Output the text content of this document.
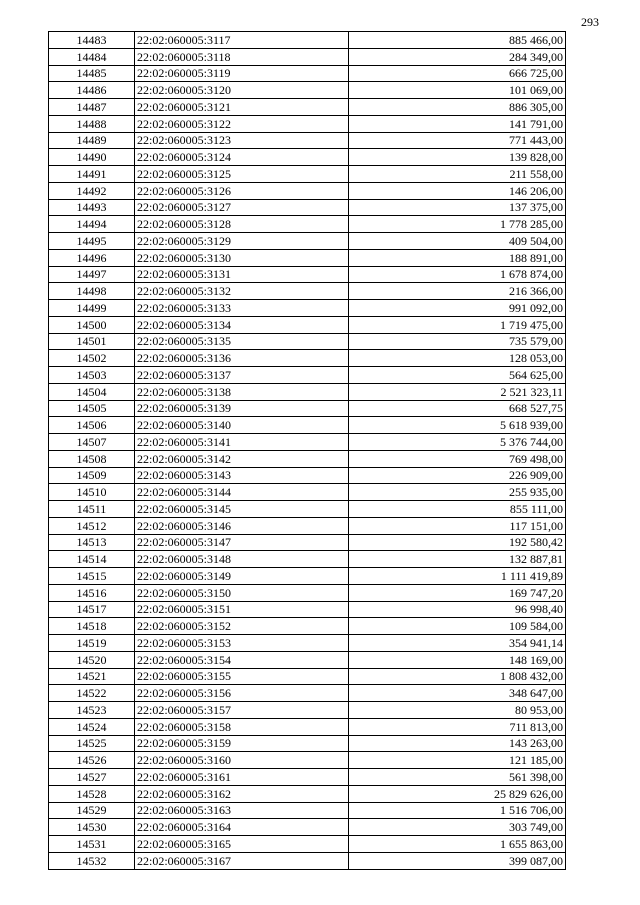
293
14483	22:02:060005:3117	885 466,00
14484	22:02:060005:3118	284 349,00
14485	22:02:060005:3119	666 725,00
14486	22:02:060005:3120	101 069,00
14487	22:02:060005:3121	886 305,00
14488	22:02:060005:3122	141 791,00
14489	22:02:060005:3123	771 443,00
14490	22:02:060005:3124	139 828,00
14491	22:02:060005:3125	211 558,00
14492	22:02:060005:3126	146 206,00
14493	22:02:060005:3127	137 375,00
14494	22:02:060005:3128	1 778 285,00
14495	22:02:060005:3129	409 504,00
14496	22:02:060005:3130	188 891,00
14497	22:02:060005:3131	1 678 874,00
14498	22:02:060005:3132	216 366,00
14499	22:02:060005:3133	991 092,00
14500	22:02:060005:3134	1 719 475,00
14501	22:02:060005:3135	735 579,00
14502	22:02:060005:3136	128 053,00
14503	22:02:060005:3137	564 625,00
14504	22:02:060005:3138	2 521 323,11
14505	22:02:060005:3139	668 527,75
14506	22:02:060005:3140	5 618 939,00
14507	22:02:060005:3141	5 376 744,00
14508	22:02:060005:3142	769 498,00
14509	22:02:060005:3143	226 909,00
14510	22:02:060005:3144	255 935,00
14511	22:02:060005:3145	855 111,00
14512	22:02:060005:3146	117 151,00
14513	22:02:060005:3147	192 580,42
14514	22:02:060005:3148	132 887,81
14515	22:02:060005:3149	1 111 419,89
14516	22:02:060005:3150	169 747,20
14517	22:02:060005:3151	96 998,40
14518	22:02:060005:3152	109 584,00
14519	22:02:060005:3153	354 941,14
14520	22:02:060005:3154	148 169,00
14521	22:02:060005:3155	1 808 432,00
14522	22:02:060005:3156	348 647,00
14523	22:02:060005:3157	80 953,00
14524	22:02:060005:3158	711 813,00
14525	22:02:060005:3159	143 263,00
14526	22:02:060005:3160	121 185,00
14527	22:02:060005:3161	561 398,00
14528	22:02:060005:3162	25 829 626,00
14529	22:02:060005:3163	1 516 706,00
14530	22:02:060005:3164	303 749,00
14531	22:02:060005:3165	1 655 863,00
14532	22:02:060005:3167	399 087,00
